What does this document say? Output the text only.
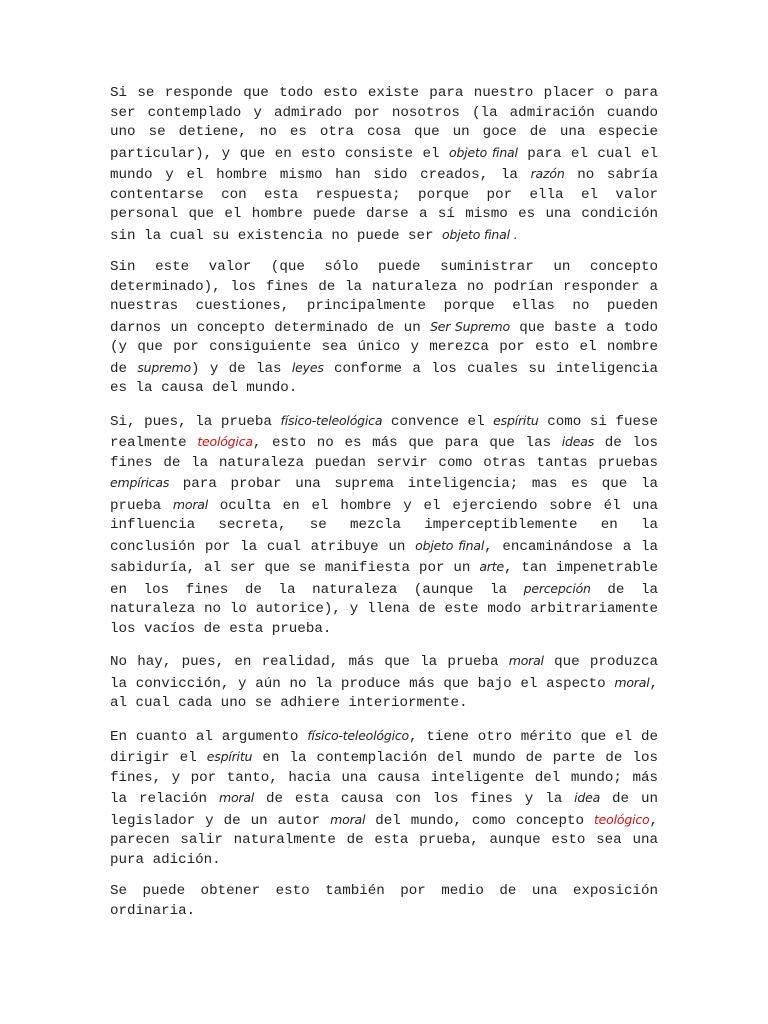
Si se responde que todo esto existe para nuestro placer o para ser contemplado y admirado por nosotros (la admiración cuando uno se detiene, no es otra cosa que un goce de una especie particular), y que en esto consiste el objeto final para el cual el mundo y el hombre mismo han sido creados, la razón no sabría contentarse con esta respuesta; porque por ella el valor personal que el hombre puede darse a sí mismo es una condición sin la cual su existencia no puede ser objeto final .

Sin este valor (que sólo puede suministrar un concepto determinado), los fines de la naturaleza no podrían responder a nuestras cuestiones, principalmente porque ellas no pueden darnos un concepto determinado de un Ser Supremo que baste a todo (y que por consiguiente sea único y merezca por esto el nombre de supremo) y de las leyes conforme a los cuales su inteligencia es la causa del mundo.

Si, pues, la prueba físico-teleológica convence el espíritu como si fuese realmente teológica, esto no es más que para que las ideas de los fines de la naturaleza puedan servir como otras tantas pruebas empíricas para probar una suprema inteligencia; mas es que la prueba moral oculta en el hombre y el ejerciendo sobre él una influencia secreta, se mezcla imperceptiblemente en la conclusión por la cual atribuye un objeto final, encaminándose a la sabiduría, al ser que se manifiesta por un arte, tan impenetrable en los fines de la naturaleza (aunque la percepción de la naturaleza no lo autorice), y llena de este modo arbitrariamente los vacíos de esta prueba.

No hay, pues, en realidad, más que la prueba moral que produzca la convicción, y aún no la produce más que bajo el aspecto moral, al cual cada uno se adhiere interiormente.

En cuanto al argumento físico-teleológico, tiene otro mérito que el de dirigir el espíritu en la contemplación del mundo de parte de los fines, y por tanto, hacia una causa inteligente del mundo; más la relación moral de esta causa con los fines y la idea de un legislador y de un autor moral del mundo, como concepto teológico, parecen salir naturalmente de esta prueba, aunque esto sea una pura adición.

Se puede obtener esto también por medio de una exposición ordinaria.
